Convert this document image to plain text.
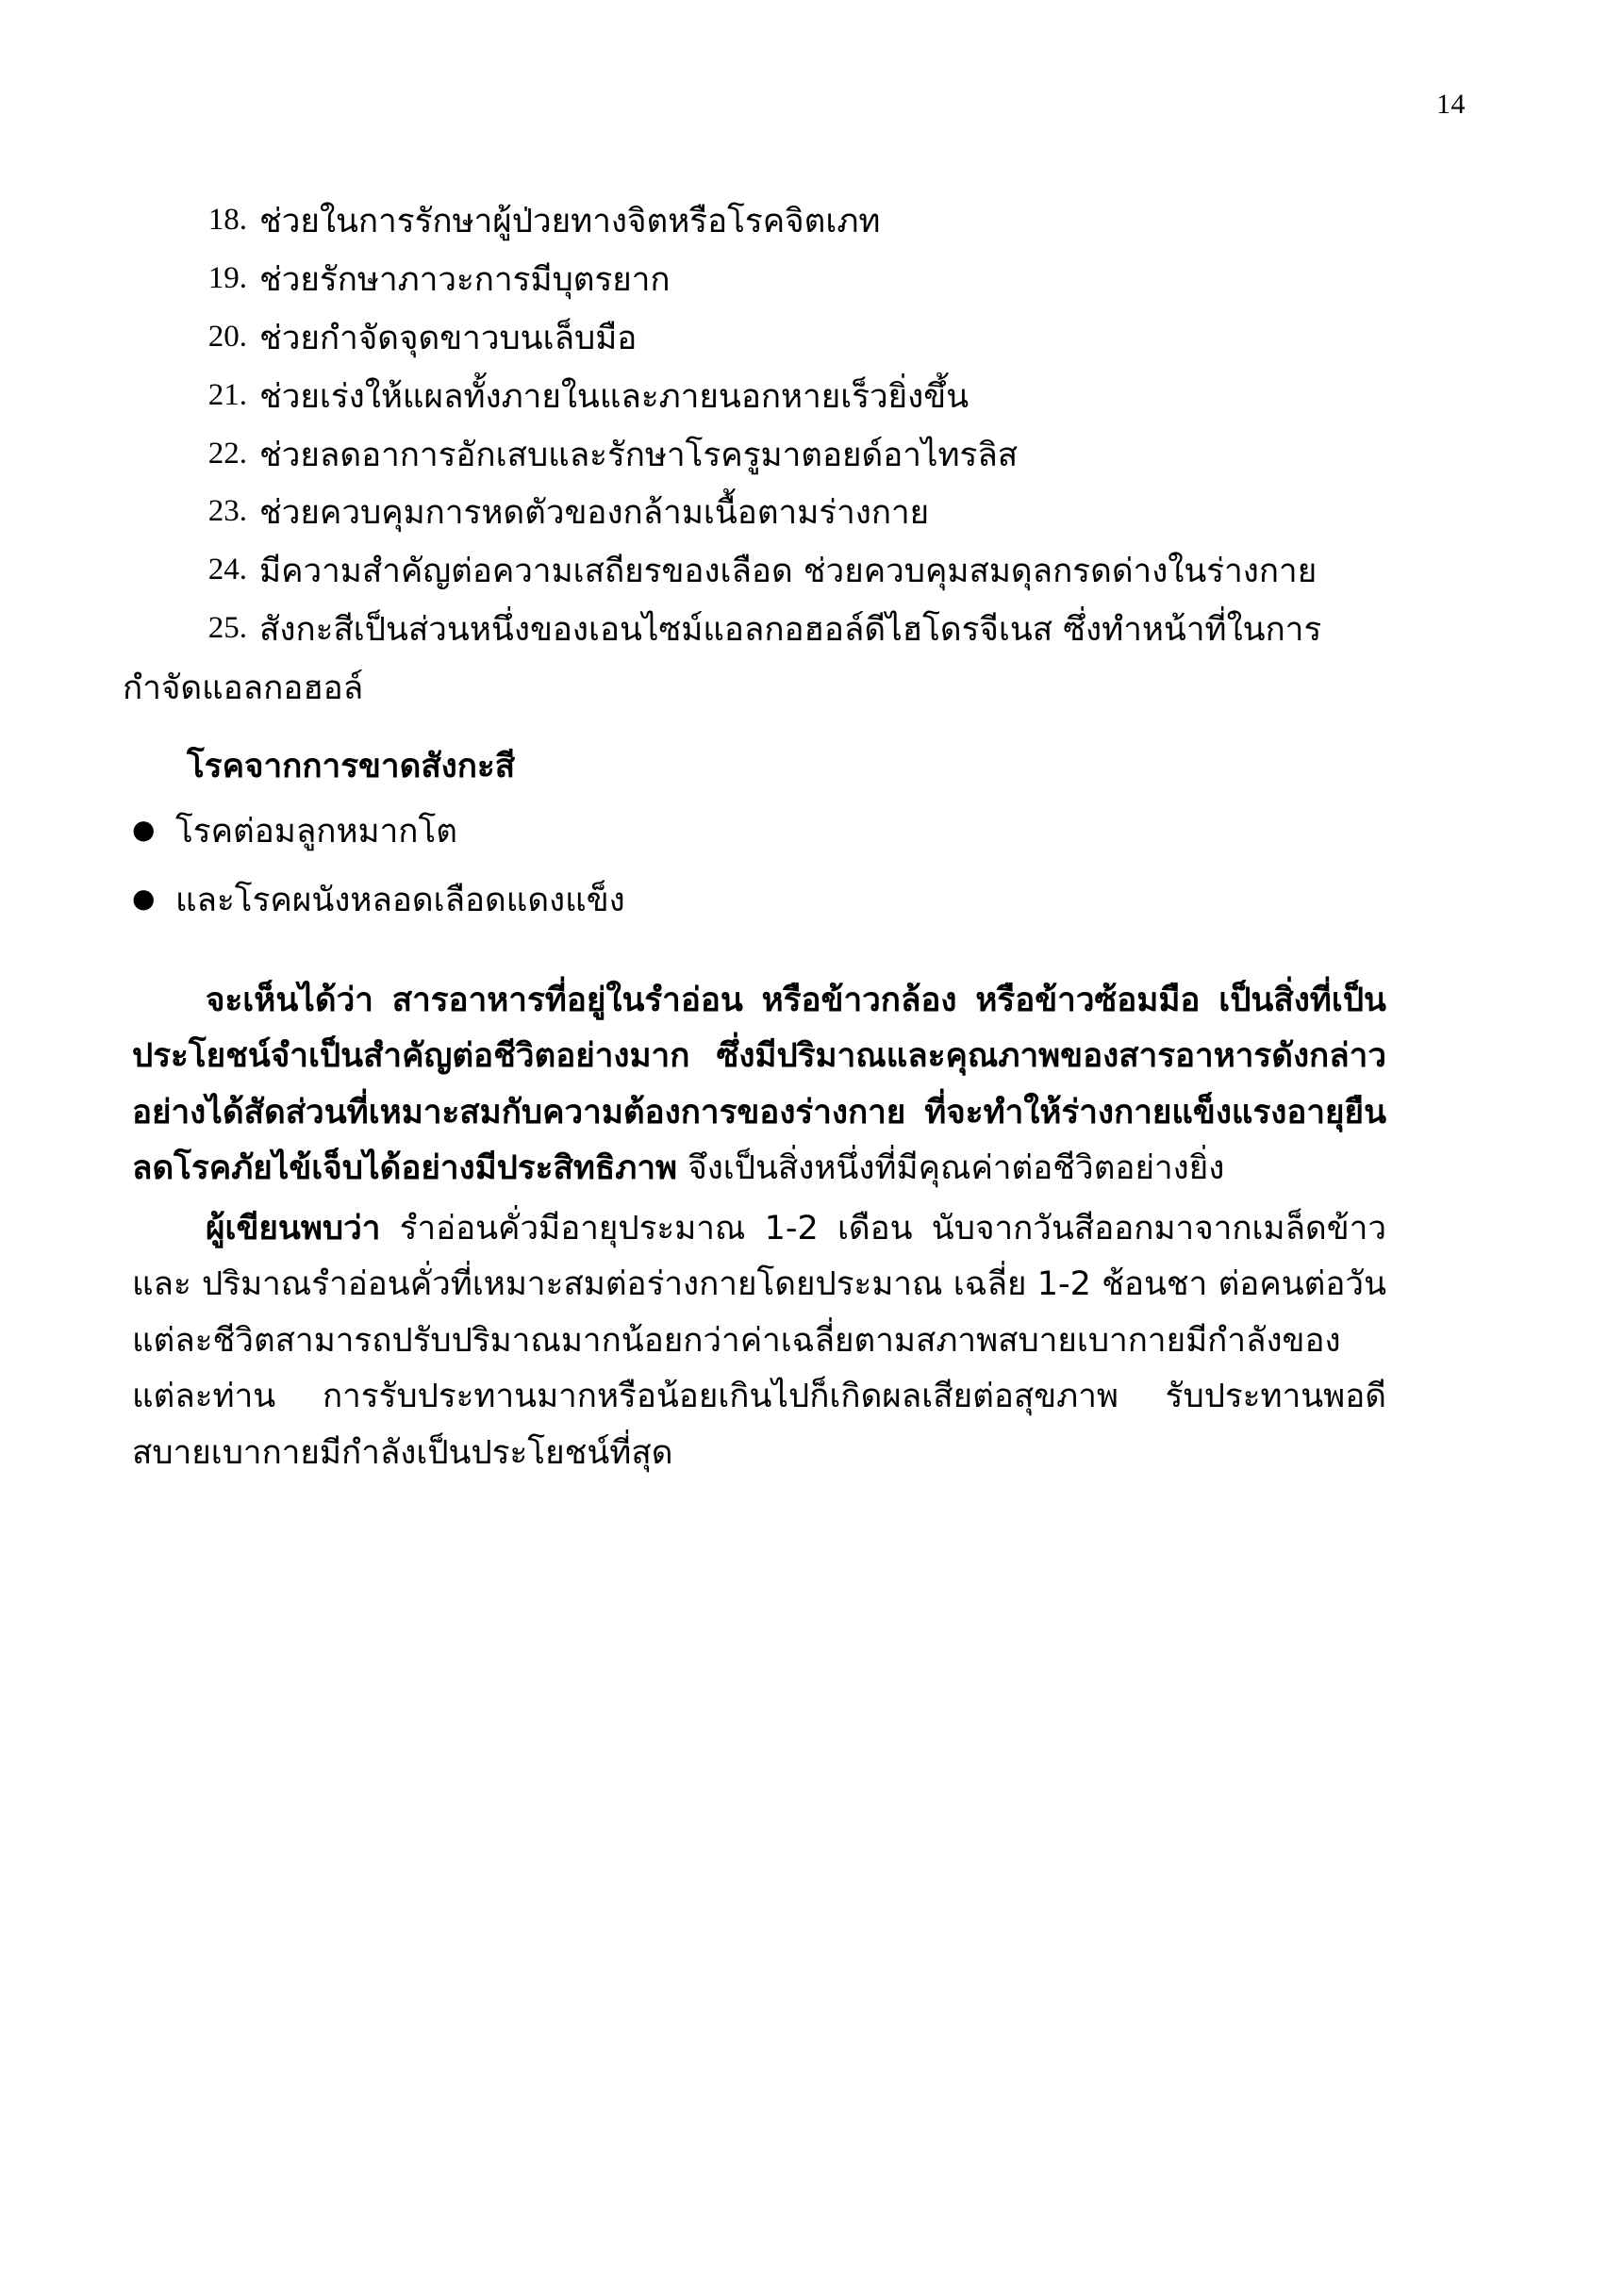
14
18. ช่วยในการรักษาผู้ป่วยทางจิตหรือโรคจิตเภท
19. ช่วยรักษาภาวะการมีบุตรยาก
20. ช่วยกำจัดจุดขาวบนเล็บมือ
21. ช่วยเร่งให้แผลทั้งภายในและภายนอกหายเร็วยิ่งขึ้น
22. ช่วยลดอาการอักเสบและรักษาโรครูมาตอยด์อาไทรลิส
23. ช่วยควบคุมการหดตัวของกล้ามเนื้อตามร่างกาย
24. มีความสำคัญต่อความเสถียรของเลือด ช่วยควบคุมสมดุลกรดด่างในร่างกาย
25. สังกะสีเป็นส่วนหนึ่งของเอนไซม์แอลกอฮอล์ดีไฮโดรจีเนส ซึ่งทำหน้าที่ในการ
กำจัดแอลกอฮอล์
โรคจากการขาดสังกะสี
● โรคต่อมลูกหมากโต
● และโรคผนังหลอดเลือดแดงแข็ง

จะเห็นได้ว่า สารอาหารที่อยู่ในรำอ่อน หรือข้าวกล้อง หรือข้าวซ้อมมือ เป็นสิ่งที่เป็นประโยชน์จำเป็นสำคัญต่อชีวิตอย่างมาก ซึ่งมีปริมาณและคุณภาพของสารอาหารดังกล่าวอย่างได้สัดส่วนที่เหมาะสมกับความต้องการของร่างกาย ที่จะทำให้ร่างกายแข็งแรงอายุยืน ลดโรคภัยไข้เจ็บได้อย่างมีประสิทธิภาพ จึงเป็นสิ่งหนึ่งที่มีคุณค่าต่อชีวิตอย่างยิ่ง

ผู้เขียนพบว่า รำอ่อนคั่วมีอายุประมาณ 1-2 เดือน นับจากวันสีออกมาจากเมล็ดข้าว และ ปริมาณรำอ่อนคั่วที่เหมาะสมต่อร่างกายโดยประมาณ เฉลี่ย 1-2 ช้อนชา ต่อคนต่อวัน แต่ละชีวิตสามารถปรับปริมาณมากน้อยกว่าค่าเฉลี่ยตามสภาพสบายเบากายมีกำลังของแต่ละท่าน การรับประทานมากหรือน้อยเกินไปก็เกิดผลเสียต่อสุขภาพ รับประทานพอดีสบายเบากายมีกำลังเป็นประโยชน์ที่สุด
